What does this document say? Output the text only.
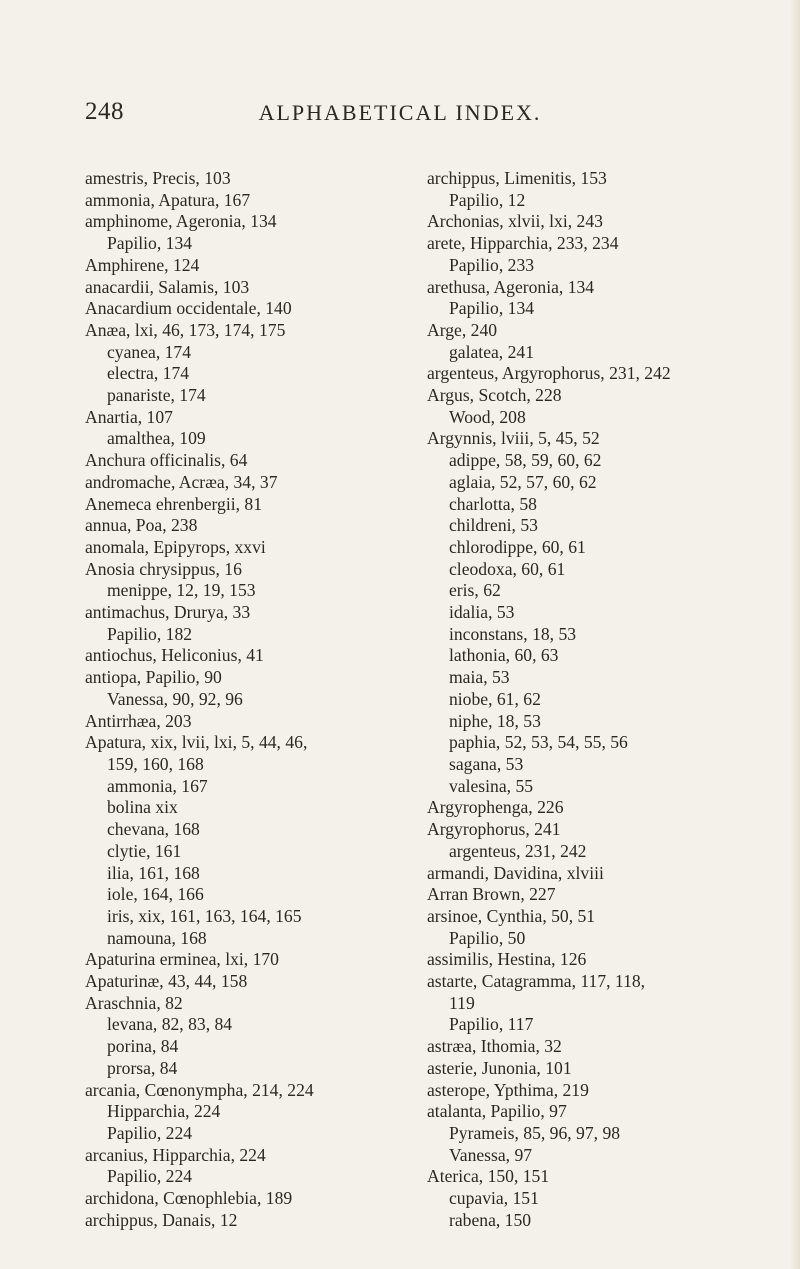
248	ALPHABETICAL INDEX.
amestris, Precis, 103
ammonia, Apatura, 167
amphinome, Ageronia, 134
Papilio, 134
Amphirene, 124
anacardii, Salamis, 103
Anacardium occidentale, 140
Anæa, lxi, 46, 173, 174, 175
cyanea, 174
electra, 174
panariste, 174
Anartia, 107
amalthea, 109
Anchura officinalis, 64
andromache, Acræa, 34, 37
Anemeca ehrenbergii, 81
annua, Poa, 238
anomala, Epipyrops, xxvi
Anosia chrysippus, 16
menippe, 12, 19, 153
antimachus, Drurya, 33
Papilio, 182
antiochus, Heliconius, 41
antiopa, Papilio, 90
Vanessa, 90, 92, 96
Antirrhæa, 203
Apatura, xix, lvii, lxi, 5, 44, 46,
159, 160, 168
ammonia, 167
bolina xix
chevana, 168
clytie, 161
ilia, 161, 168
iole, 164, 166
iris, xix, 161, 163, 164, 165
namouna, 168
Apaturina erminea, lxi, 170
Apaturinæ, 43, 44, 158
Araschnia, 82
levana, 82, 83, 84
porina, 84
prorsa, 84
arcania, Cœnonympha, 214, 224
Hipparchia, 224
Papilio, 224
arcanius, Hipparchia, 224
Papilio, 224
archidona, Cœnophlebia, 189
archippus, Danais, 12
archippus, Limenitis, 153
Papilio, 12
Archonias, xlvii, lxi, 243
arete, Hipparchia, 233, 234
Papilio, 233
arethusa, Ageronia, 134
Papilio, 134
Arge, 240
galatea, 241
argenteus, Argyrophorus, 231, 242
Argus, Scotch, 228
Wood, 208
Argynnis, lviii, 5, 45, 52
adippe, 58, 59, 60, 62
aglaia, 52, 57, 60, 62
charlotta, 58
childreni, 53
chlorodippe, 60, 61
cleodoxa, 60, 61
eris, 62
idalia, 53
inconstans, 18, 53
lathonia, 60, 63
maia, 53
niobe, 61, 62
niphe, 18, 53
paphia, 52, 53, 54, 55, 56
sagana, 53
valesina, 55
Argyrophenga, 226
Argyrophorus, 241
argenteus, 231, 242
armandi, Davidina, xlviii
Arran Brown, 227
arsinoe, Cynthia, 50, 51
Papilio, 50
assimilis, Hestina, 126
astarte, Catagramma, 117, 118,
119
Papilio, 117
astræa, Ithomia, 32
asterie, Junonia, 101
asterope, Ypthima, 219
atalanta, Papilio, 97
Pyrameis, 85, 96, 97, 98
Vanessa, 97
Aterica, 150, 151
cupavia, 151
rabena, 150
